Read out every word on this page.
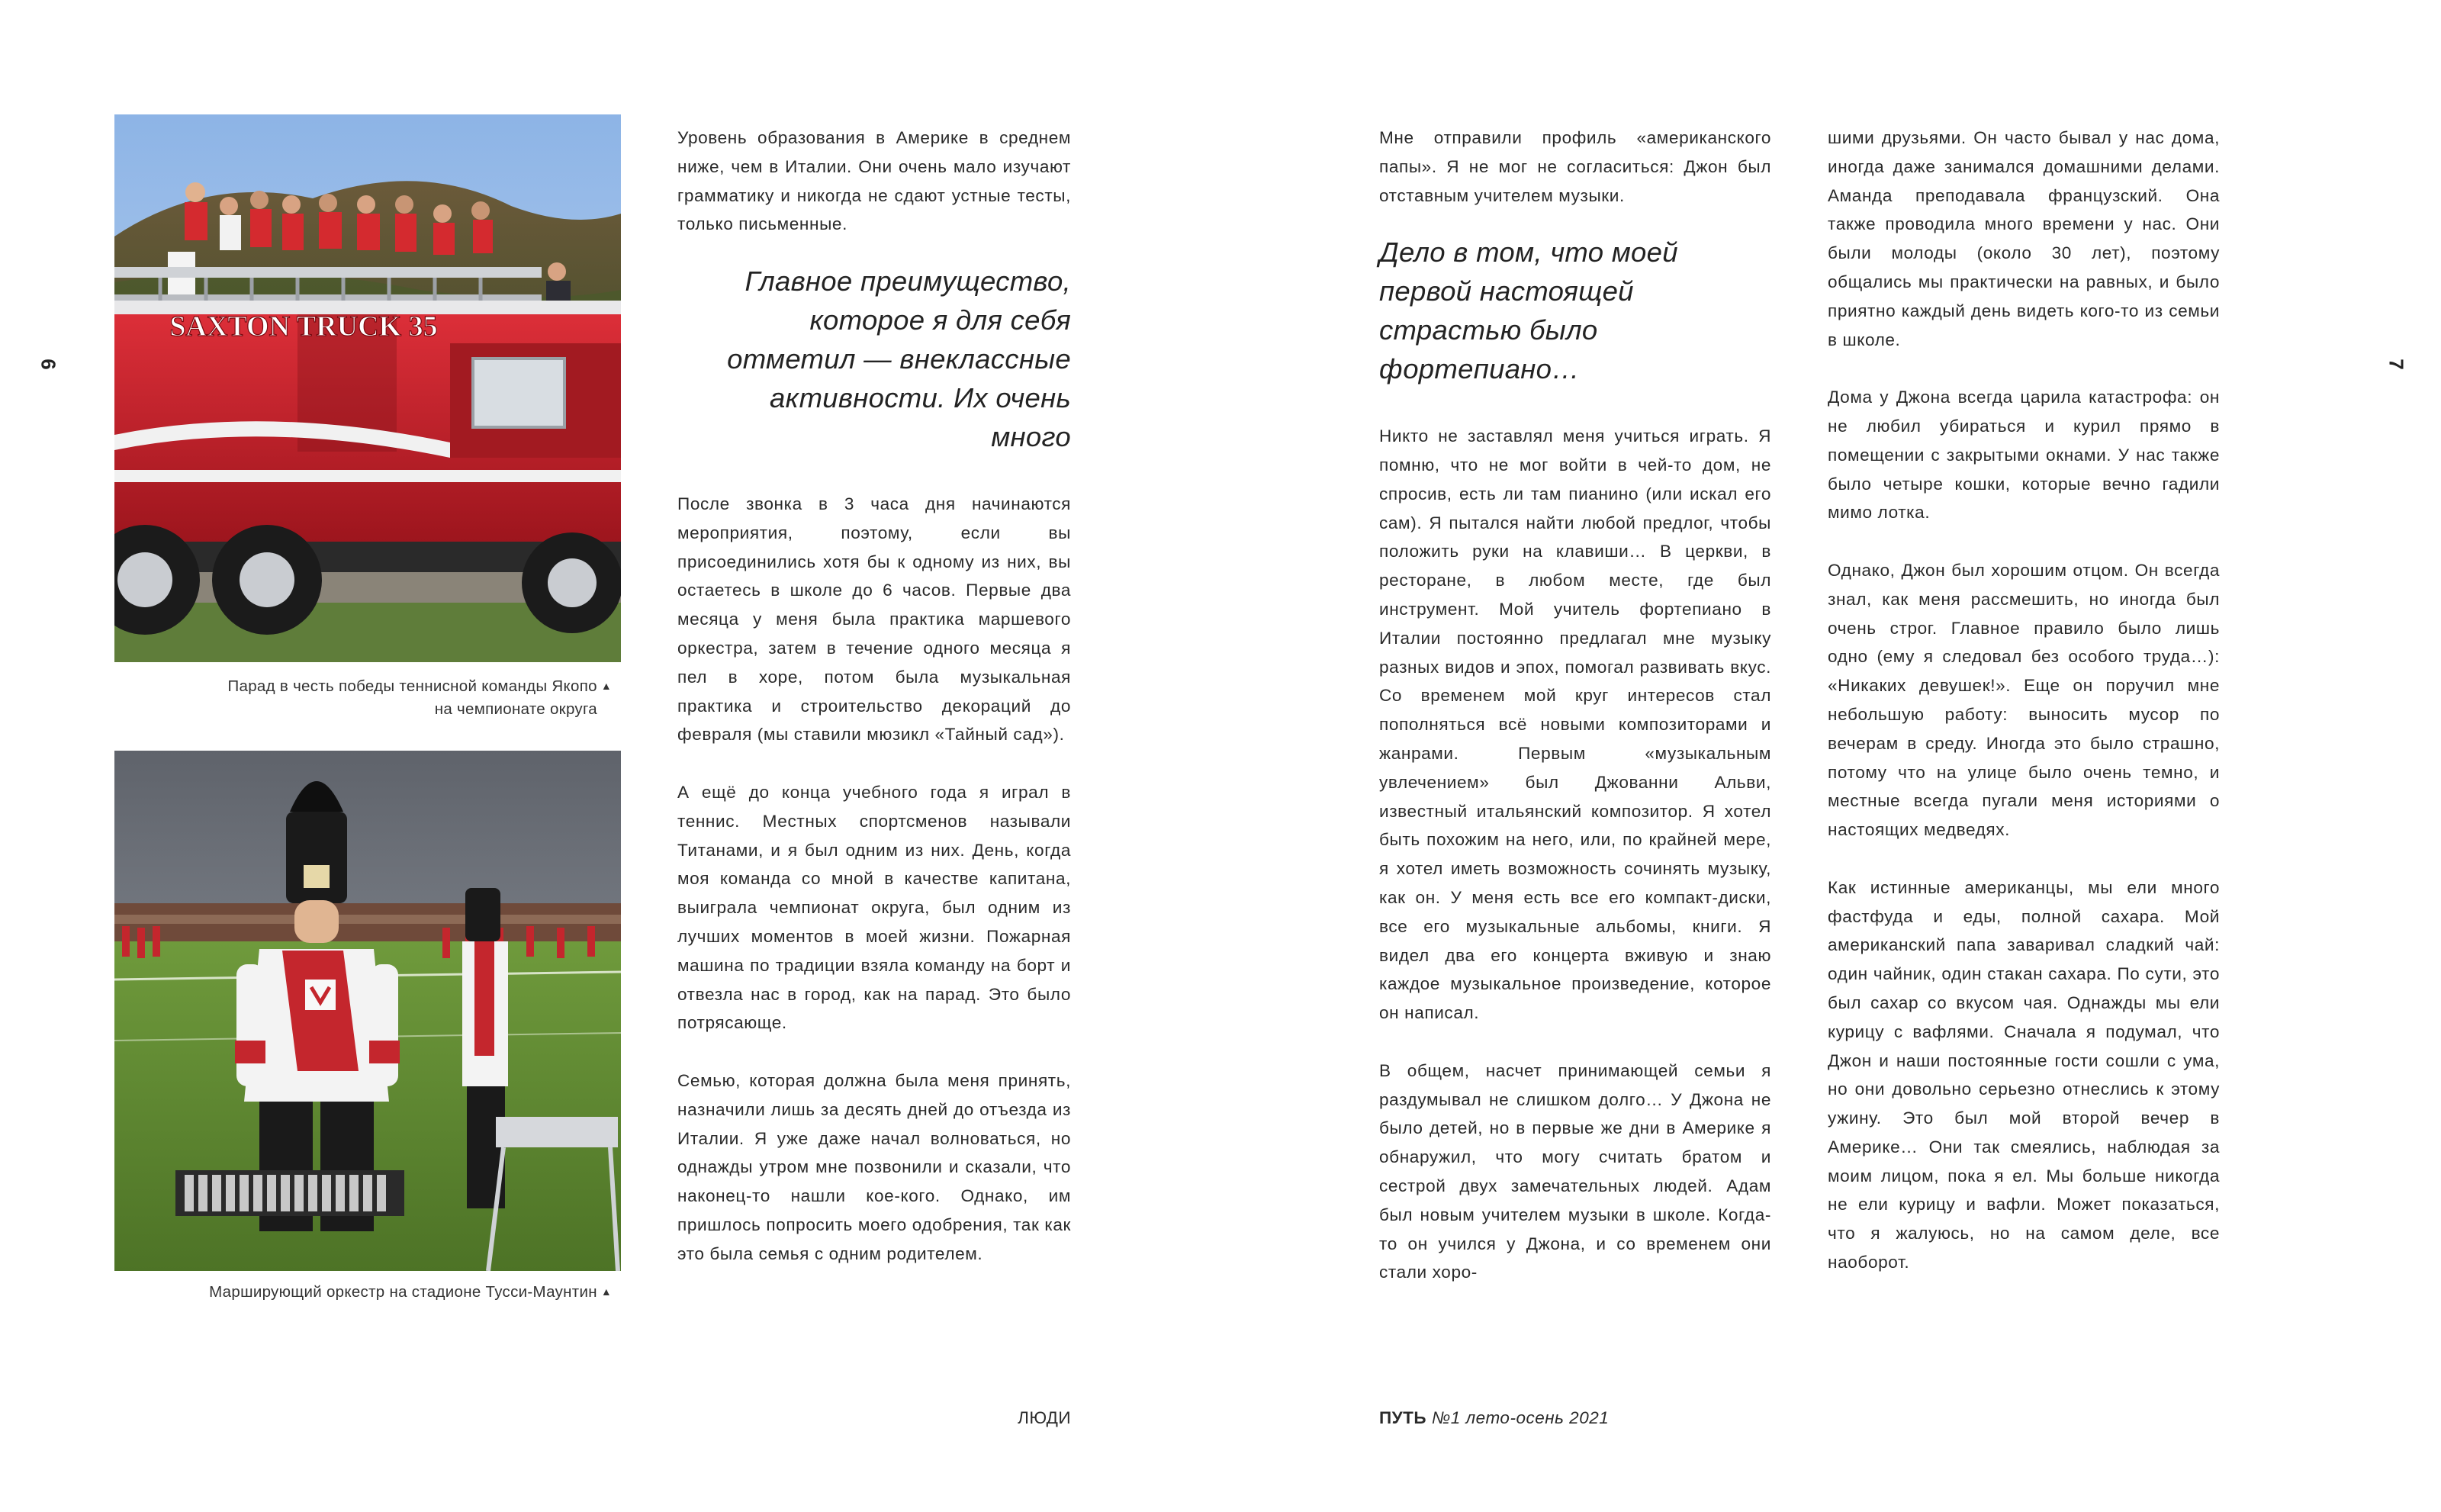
6
SAXTON TRUCK 35
Парад в честь победы теннисной команды Якопо ▲
на чемпионате округа
Марширующий оркестр на стадионе Тусси-Маунтин ▲

Уровень образования в Америке в среднем ниже, чем в Италии. Они очень мало изучают грамматику и никогда не сдают устные тесты, только письменные.

Главное преимущество, которое я для себя отметил — внеклассные активности. Их очень много

После звонка в 3 часа дня начинаются мероприятия, поэтому, если вы присоединились хотя бы к одному из них, вы остаетесь в школе до 6 часов. Первые два месяца у меня была практика маршевого оркестра, затем в течение одного месяца я пел в хоре, потом была музыкальная практика и строительство декораций до февраля (мы ставили мюзикл «Тайный сад»).

А ещё до конца учебного года я играл в теннис. Местных спортсменов называли Титанами, и я был одним из них. День, когда моя команда со мной в качестве капитана, выиграла чемпионат округа, был одним из лучших моментов в моей жизни. Пожарная машина по традиции взяла команду на борт и отвезла нас в город, как на парад. Это было потрясающе.

Семью, которая должна была меня принять, назначили лишь за десять дней до отъезда из Италии. Я уже даже начал волноваться, но однажды утром мне позвонили и сказали, что наконец-то нашли кое-кого. Однако, им пришлось попросить моего одобрения, так как это была семья с одним родителем.

ЛЮДИ

Мне отправили профиль «американского папы». Я не мог не согласиться: Джон был отставным учителем музыки.

Дело в том, что моей первой настоящей страстью было фортепиано…

Никто не заставлял меня учиться играть. Я помню, что не мог войти в чей-то дом, не спросив, есть ли там пианино (или искал его сам). Я пытался найти любой предлог, чтобы положить руки на клавиши… В церкви, в ресторане, в любом месте, где был инструмент. Мой учитель фортепиано в Италии постоянно предлагал мне музыку разных видов и эпох, помогал развивать вкус. Со временем мой круг интересов стал пополняться всё новыми композиторами и жанрами. Первым «музыкальным увлечением» был Джованни Альви, известный итальянский композитор. Я хотел быть похожим на него, или, по крайней мере, я хотел иметь возможность сочинять музыку, как он. У меня есть все его компакт-диски, все его музыкальные альбомы, книги. Я видел два его концерта вживую и знаю каждое музыкальное произведение, которое он написал.

В общем, насчет принимающей семьи я раздумывал не слишком долго… У Джона не было детей, но в первые же дни в Америке я обнаружил, что могу считать братом и сестрой двух замечательных людей. Адам был новым учителем музыки в школе. Когда-то он учился у Джона, и со временем они стали хоро-

шими друзьями. Он часто бывал у нас дома, иногда даже занимался домашними делами. Аманда преподавала французский. Она также проводила много времени у нас. Они были молоды (около 30 лет), поэтому общались мы практически на равных, и было приятно каждый день видеть кого-то из семьи в школе.

Дома у Джона всегда царила катастрофа: он не любил убираться и курил прямо в помещении с закрытыми окнами. У нас также было четыре кошки, которые вечно гадили мимо лотка.

Однако, Джон был хорошим отцом. Он всегда знал, как меня рассмешить, но иногда был очень строг. Главное правило было лишь одно (ему я следовал без особого труда…): «Никаких девушек!». Еще он поручил мне небольшую работу: выносить мусор по вечерам в среду. Иногда это было страшно, потому что на улице было очень темно, и местные всегда пугали меня историями о настоящих медведях.

Как истинные американцы, мы ели много фастфуда и еды, полной сахара. Мой американский папа заваривал сладкий чай: один чайник, один стакан сахара. По сути, это был сахар со вкусом чая. Однажды мы ели курицу с вафлями. Сначала я подумал, что Джон и наши постоянные гости сошли с ума, но они довольно серьезно отнеслись к этому ужину. Это был мой второй вечер в Америке… Они так смеялись, наблюдая за моим лицом, пока я ел. Мы больше никогда не ели курицу и вафли. Может показаться, что я жалуюсь, но на самом деле, все наоборот.

7
ПУТЬ №1 лето-осень 2021
